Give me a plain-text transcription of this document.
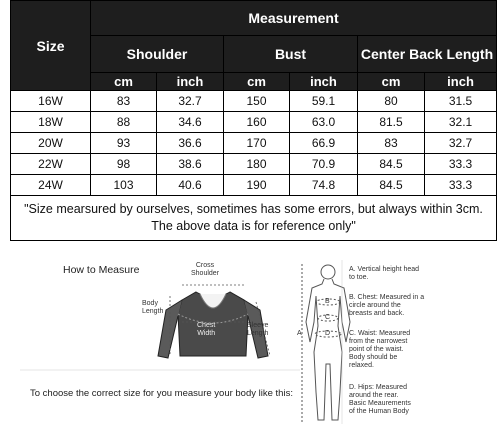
Size	Measurement					
	Shoulder		Bust		Center Back Length	
	cm	inch	cm	inch	cm	inch
16W	83	32.7	150	59.1	80	31.5
18W	88	34.6	160	63.0	81.5	32.1
20W	93	36.6	170	66.9	83	32.7
22W	98	38.6	180	70.9	84.5	33.3
24W	103	40.6	190	74.8	84.5	33.3
"Size mearsured by ourselves, sometimes has some errors, but always within 3cm. The above data is for reference only"						
How to Measure	Cross
Shoulder
Body
Length
Chest
Width
Sleeve
Length
To choose the correct size for you measure your body like this:
A
B
C
D
A. Vertical height head
to toe.
B. Chest: Measured in a
circle around the
breasts and back.
C. Waist: Measured
from the narrowest
point of the waist.
Body should be
relaxed.
D. Hips: Measured
around the rear.
Basic Meaurements
of the Human Body
